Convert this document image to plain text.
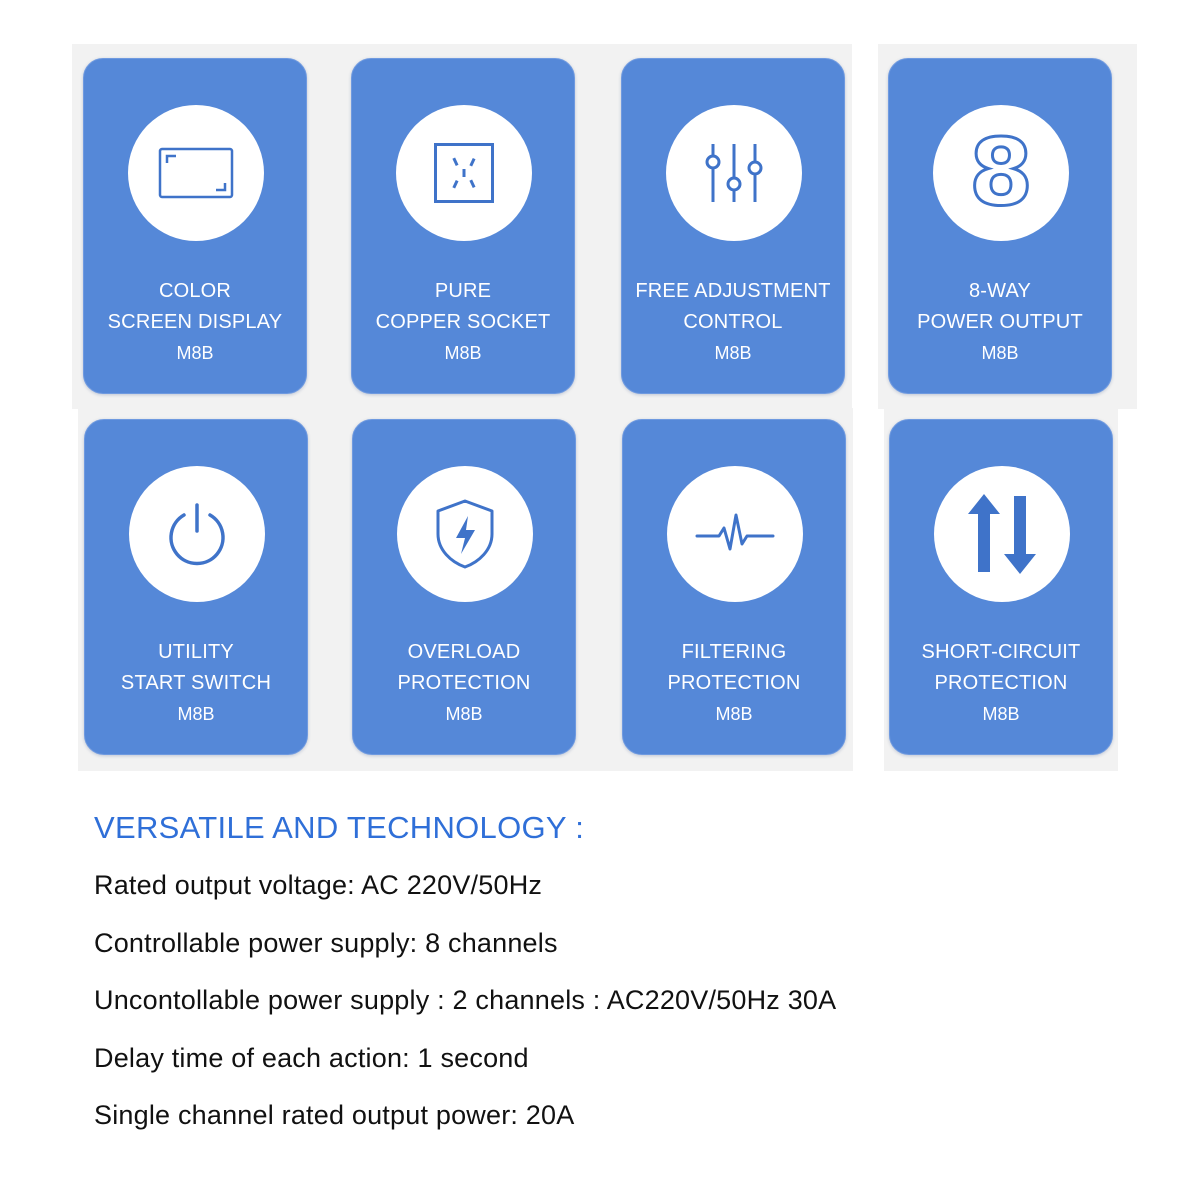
COLOR
SCREEN DISPLAY
M8B
PURE
COPPER SOCKET
M8B
FREE ADJUSTMENT
CONTROL
M8B
8
8-WAY
POWER OUTPUT
M8B
UTILITY
START SWITCH
M8B
OVERLOAD
PROTECTION
M8B
FILTERING
PROTECTION
M8B
SHORT-CIRCUIT
PROTECTION
M8B
VERSATILE AND TECHNOLOGY :
Rated output voltage: AC 220V/50Hz
Controllable power supply: 8 channels
Uncontollable power supply : 2 channels : AC220V/50Hz 30A
Delay time of each action: 1 second
Single channel rated output power: 20A
